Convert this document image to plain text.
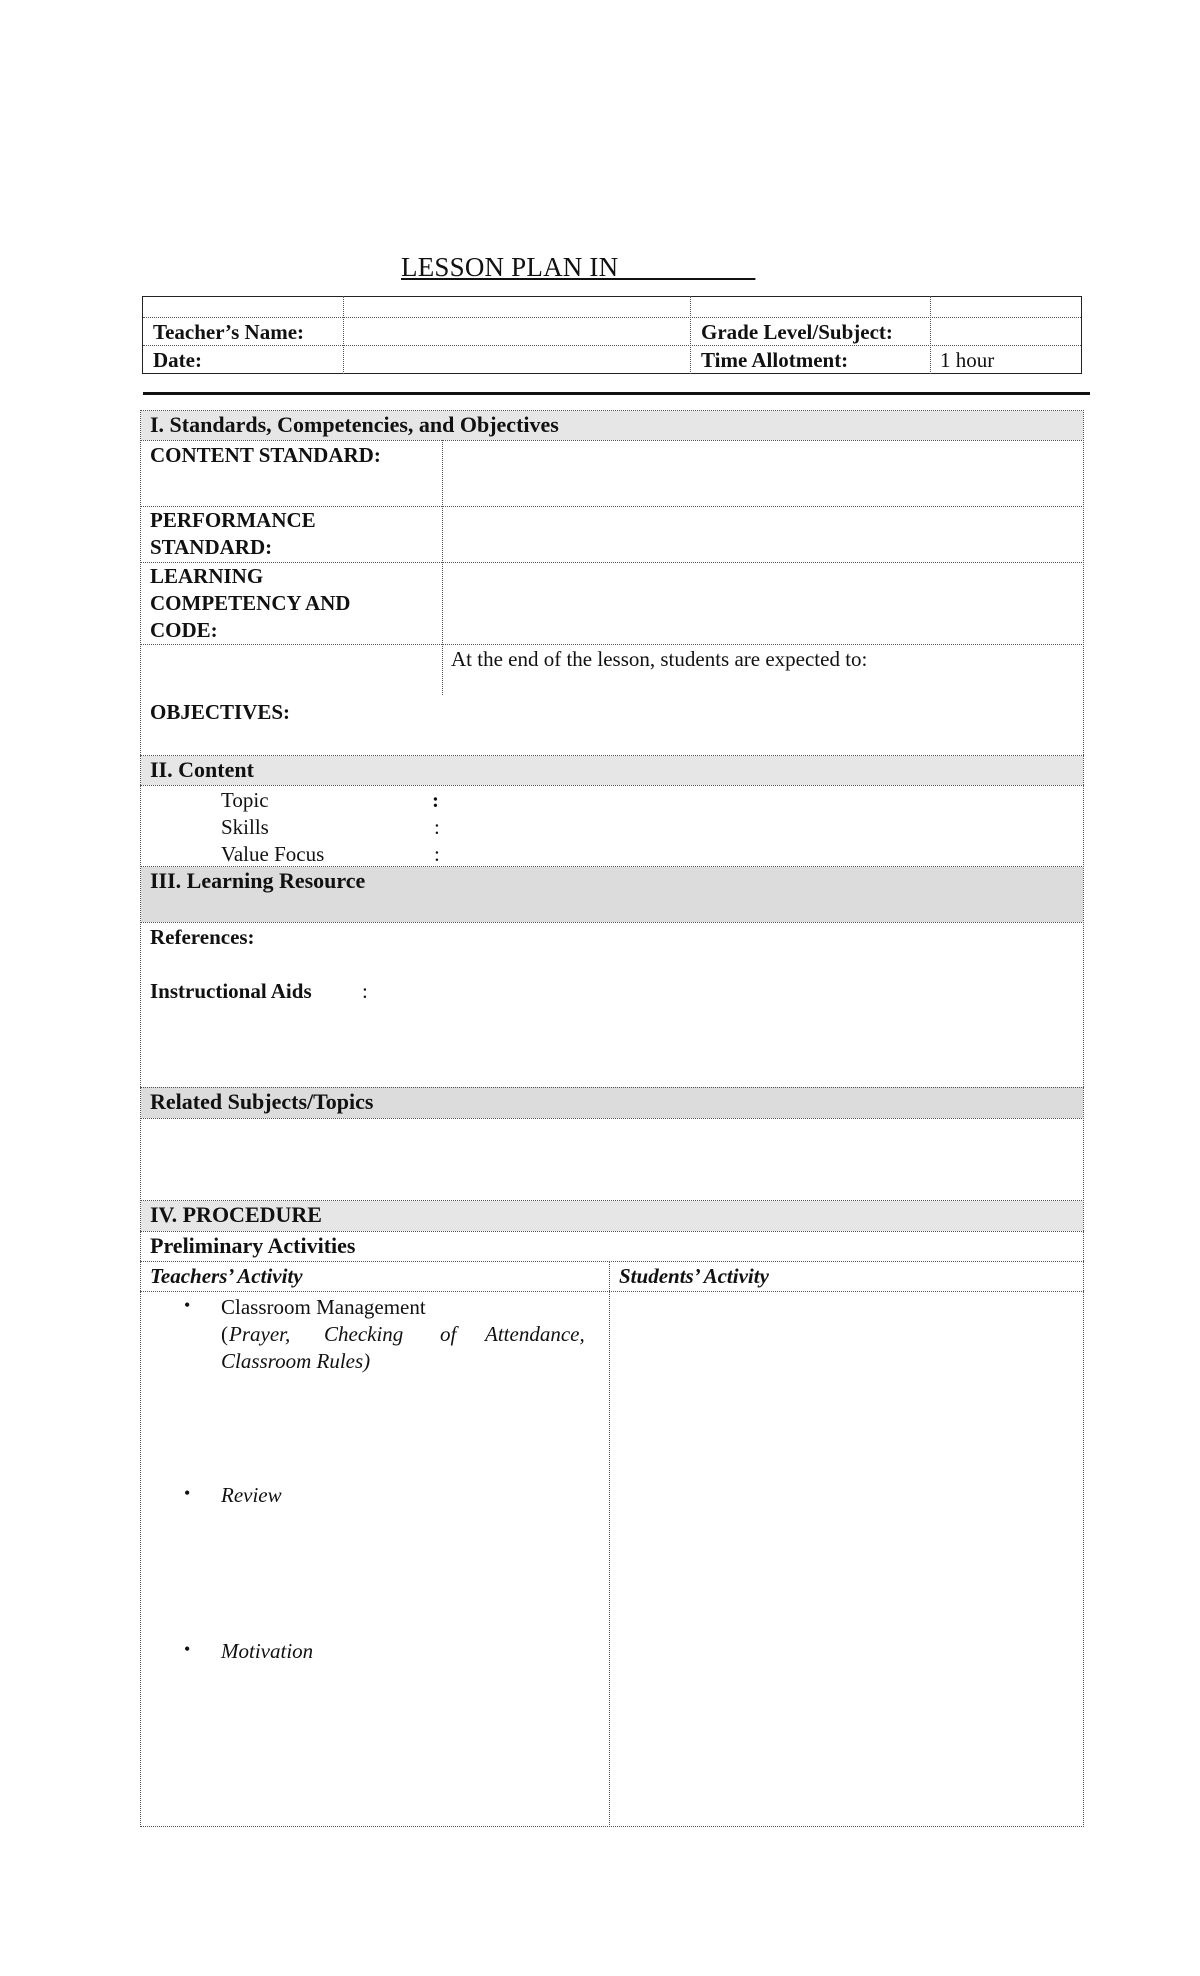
LESSON PLAN IN__________
Teacher’s Name:	Grade Level/Subject:
Date:	Time Allotment:	1 hour
I. Standards, Competencies, and Objectives
CONTENT STANDARD:
PERFORMANCE
STANDARD:
LEARNING
COMPETENCY AND
CODE:
At the end of the lesson, students are expected to:
OBJECTIVES:
II. Content
Topic	:
Skills	:
Value Focus	:
III. Learning Resource
References:
Instructional Aids :
Related Subjects/Topics
IV. PROCEDURE
Preliminary Activities
Teachers’ Activity	Students’ Activity
• Classroom Management
( Prayer, Checking of Attendance,
Classroom Rules)
• Review
• Motivation
